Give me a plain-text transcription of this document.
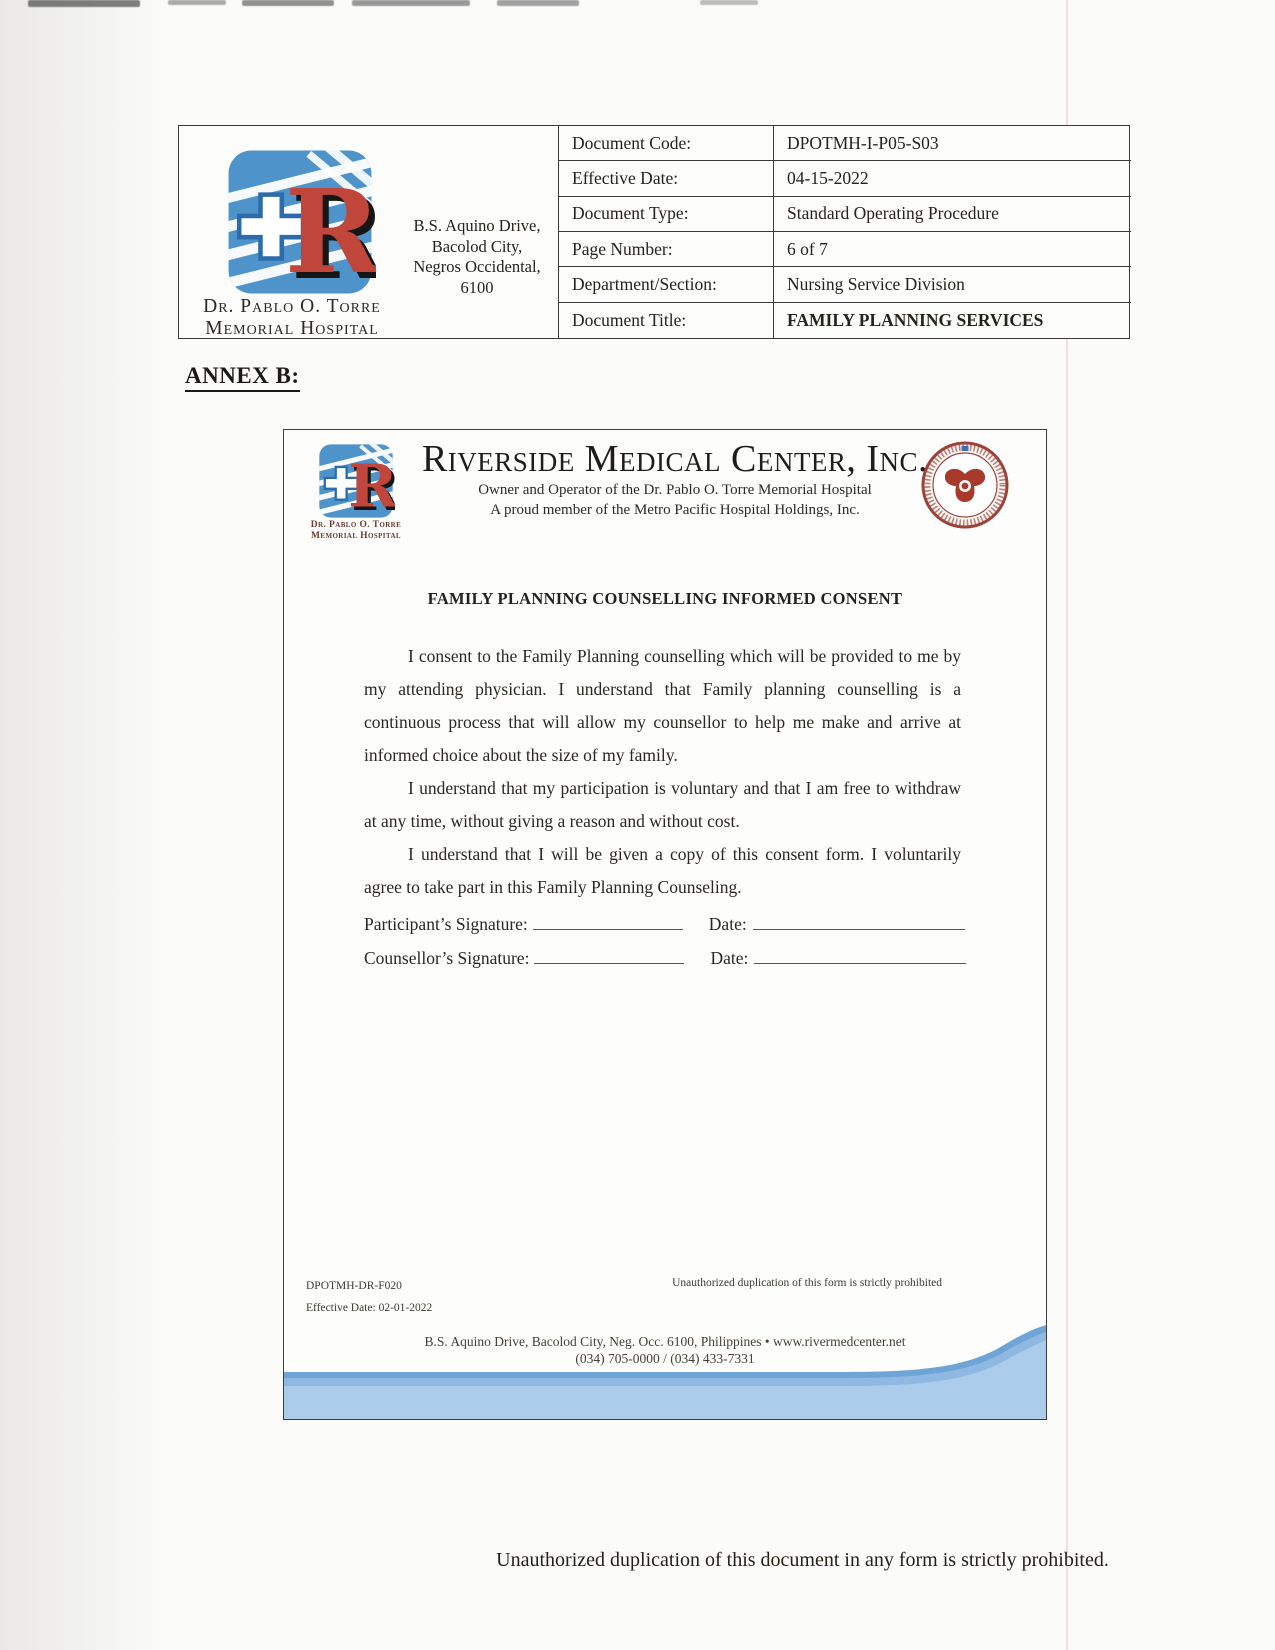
Dr. Pablo O. Torre
Memorial Hospital
B.S. Aquino Drive,
Bacolod City,
Negros Occidental,
6100
Document Code:	DPOTMH-I-P05-S03
Effective Date:	04-15-2022
Document Type:	Standard Operating Procedure
Page Number:	6 of 7
Department/Section:	Nursing Service Division
Document Title:	FAMILY PLANNING SERVICES
ANNEX B:
Dr. Pablo O. Torre
Memorial Hospital
Riverside Medical Center, Inc.
Owner and Operator of the Dr. Pablo O. Torre Memorial Hospital
A proud member of the Metro Pacific Hospital Holdings, Inc.
FAMILY PLANNING COUNSELLING INFORMED CONSENT

I consent to the Family Planning counselling which will be provided to me by my attending physician. I understand that Family planning counselling is a continuous process that will allow my counsellor to help me make and arrive at informed choice about the size of my family.

I understand that my participation is voluntary and that I am free to withdraw at any time, without giving a reason and without cost.

I understand that I will be given a copy of this consent form. I voluntarily agree to take part in this Family Planning Counseling.

Participant’s Signature:	Date:
Counsellor’s Signature:	Date:
DPOTMH-DR-F020
Effective Date: 02-01-2022
Unauthorized duplication of this form is strictly prohibited
B.S. Aquino Drive, Bacolod City, Neg. Occ. 6100, Philippines • www.rivermedcenter.net
(034) 705-0000 / (034) 433-7331
Unauthorized duplication of this document in any form is strictly prohibited.
